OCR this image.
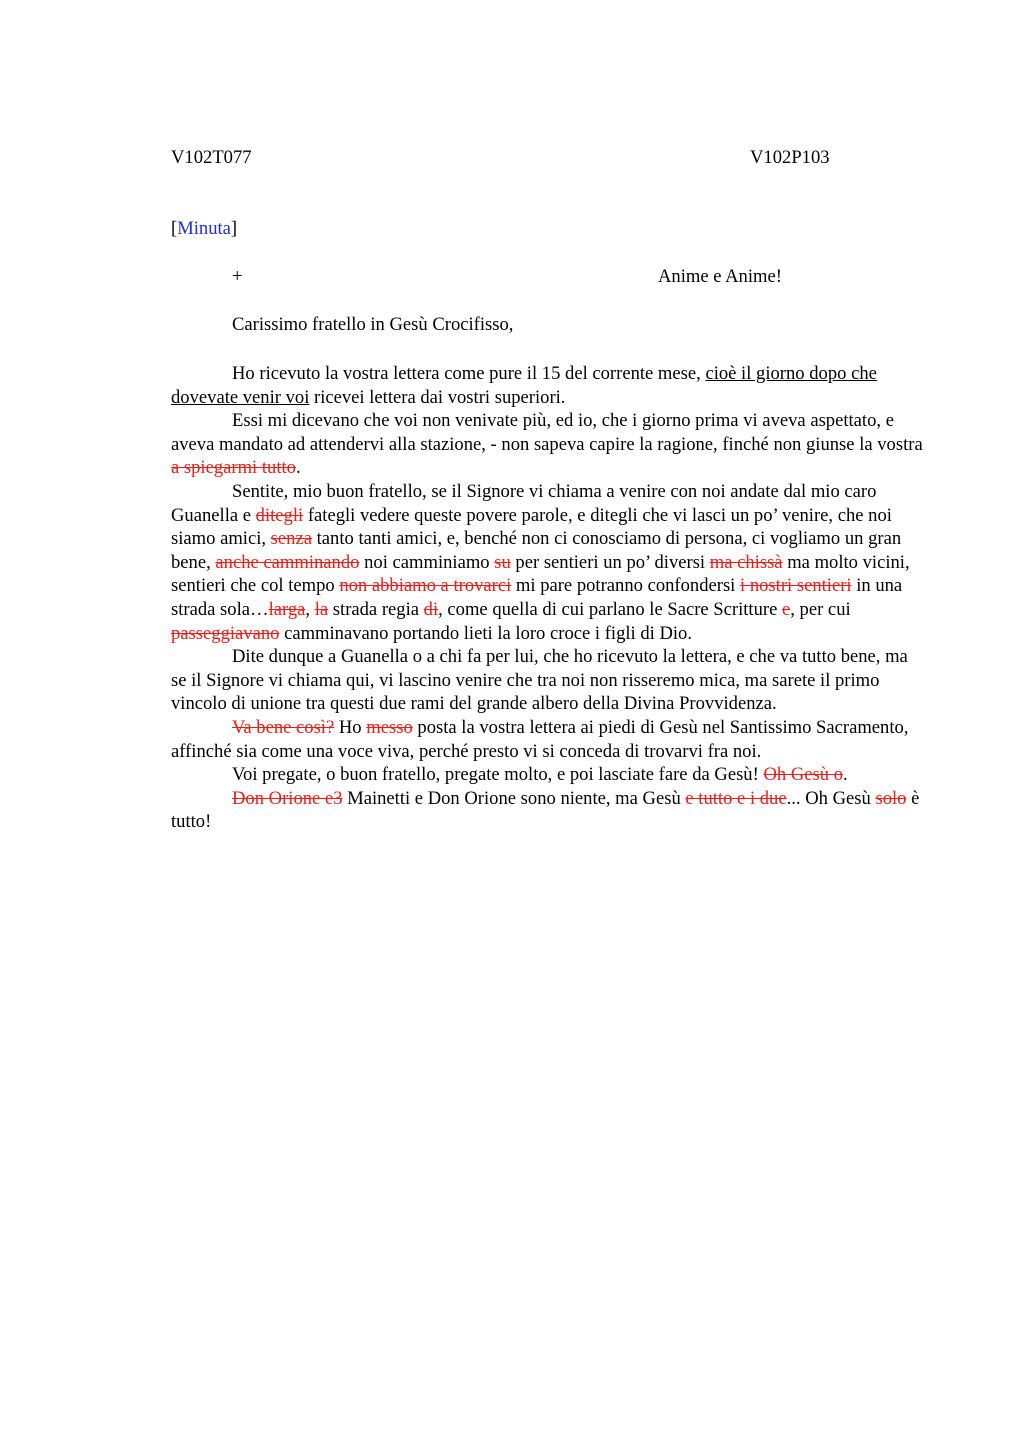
V102T077	V102P103
[Minuta]
+	Anime e Anime!
Carissimo fratello in Gesù Crocifisso,

Ho ricevuto la vostra lettera come pure il 15 del corrente mese, cioè il giorno dopo che dovevate venir voi ricevei lettera dai vostri superiori.

Essi mi dicevano che voi non venivate più, ed io, che i giorno prima vi aveva aspettato, e aveva mandato ad attendervi alla stazione, - non sapeva capire la ragione, finché non giunse la vostra a spiegarmi tutto.

Sentite, mio buon fratello, se il Signore vi chiama a venire con noi andate dal mio caro Guanella e ditegli fategli vedere queste povere parole, e ditegli che vi lasci un po’ venire, che noi siamo amici, senza tanto tanti amici, e, benché non ci conosciamo di persona, ci vogliamo un gran bene, anche camminando noi camminiamo su per sentieri un po’ diversi ma chissà ma molto vicini, sentieri che col tempo non abbiamo a trovarci mi pare potranno confondersi i nostri sentieri in una strada sola…larga, la strada regia di, come quella di cui parlano le Sacre Scritture e, per cui passeggiavano camminavano portando lieti la loro croce i figli di Dio.

Dite dunque a Guanella o a chi fa per lui, che ho ricevuto la lettera, e che va tutto bene, ma se il Signore vi chiama qui, vi lascino venire che tra noi non risseremo mica, ma sarete il primo vincolo di unione tra questi due rami del grande albero della Divina Provvidenza.

Va bene così? Ho messo posta la vostra lettera ai piedi di Gesù nel Santissimo Sacramento, affinché sia come una voce viva, perché presto vi si conceda di trovarvi fra noi.

Voi pregate, o buon fratello, pregate molto, e poi lasciate fare da Gesù! Oh Gesù o.

Don Orione e3 Mainetti e Don Orione sono niente, ma Gesù e tutto e i due... Oh Gesù solo è tutto!
